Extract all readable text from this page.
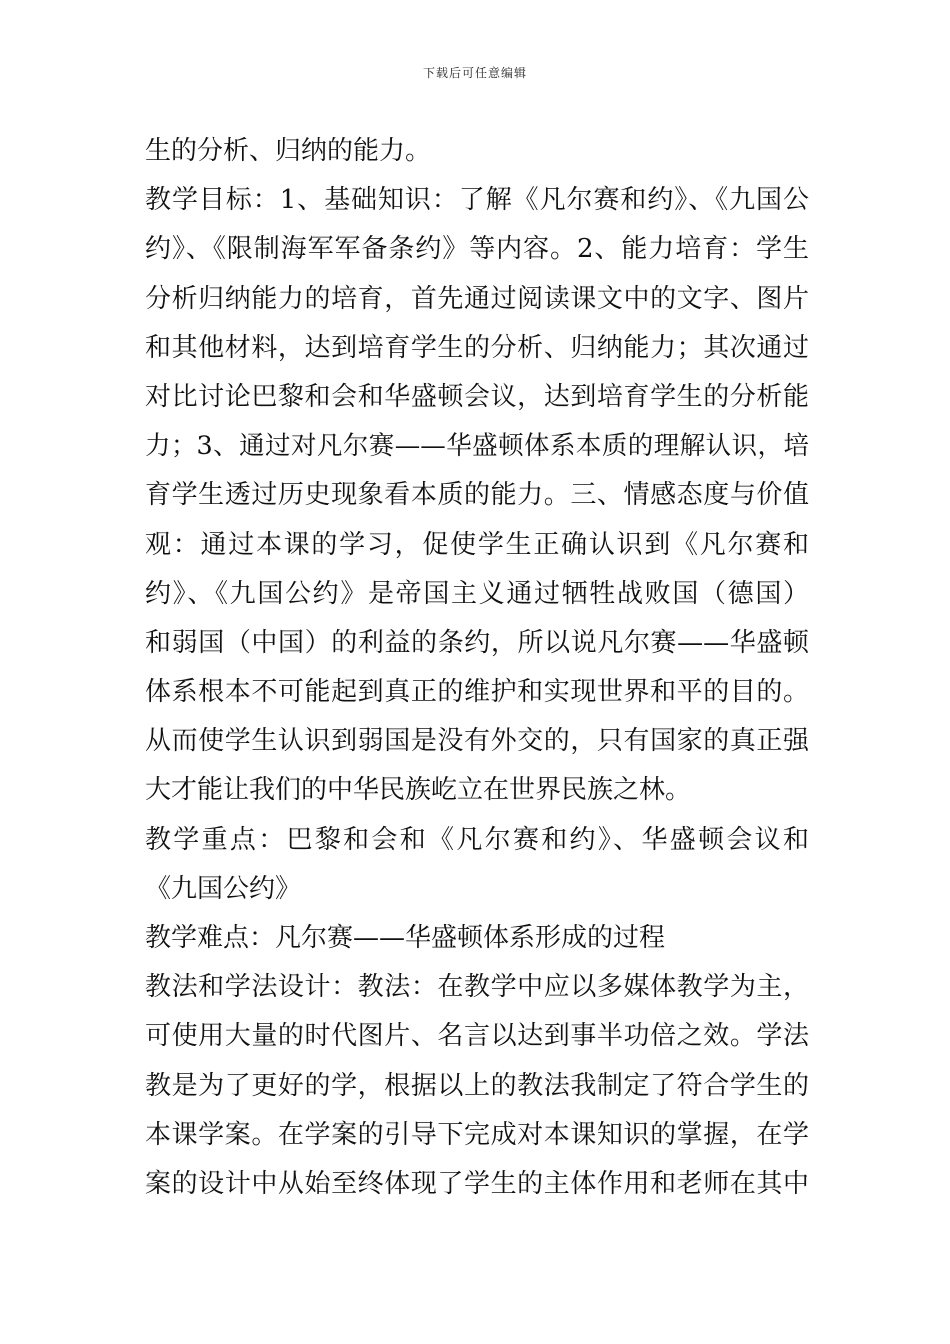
下载后可任意编辑
生的分析、归纳的能力。
教学目标：1、基础知识：了解《凡尔赛和约》、《九国公
约》、《限制海军军备条约》等内容。2、能力培育：学生
分析归纳能力的培育，首先通过阅读课文中的文字、图片
和其他材料，达到培育学生的分析、归纳能力；其次通过
对比讨论巴黎和会和华盛顿会议，达到培育学生的分析能
力；3、通过对凡尔赛——华盛顿体系本质的理解认识，培
育学生透过历史现象看本质的能力。三、情感态度与价值
观：通过本课的学习，促使学生正确认识到《凡尔赛和
约》、《九国公约》是帝国主义通过牺牲战败国（德国）
和弱国（中国）的利益的条约，所以说凡尔赛——华盛顿
体系根本不可能起到真正的维护和实现世界和平的目的。
从而使学生认识到弱国是没有外交的，只有国家的真正强
大才能让我们的中华民族屹立在世界民族之林。
教学重点：巴黎和会和《凡尔赛和约》、华盛顿会议和
《九国公约》
教学难点：凡尔赛——华盛顿体系形成的过程
教法和学法设计：教法：在教学中应以多媒体教学为主，
可使用大量的时代图片、名言以达到事半功倍之效。学法
教是为了更好的学，根据以上的教法我制定了符合学生的
本课学案。在学案的引导下完成对本课知识的掌握，在学
案的设计中从始至终体现了学生的主体作用和老师在其中
